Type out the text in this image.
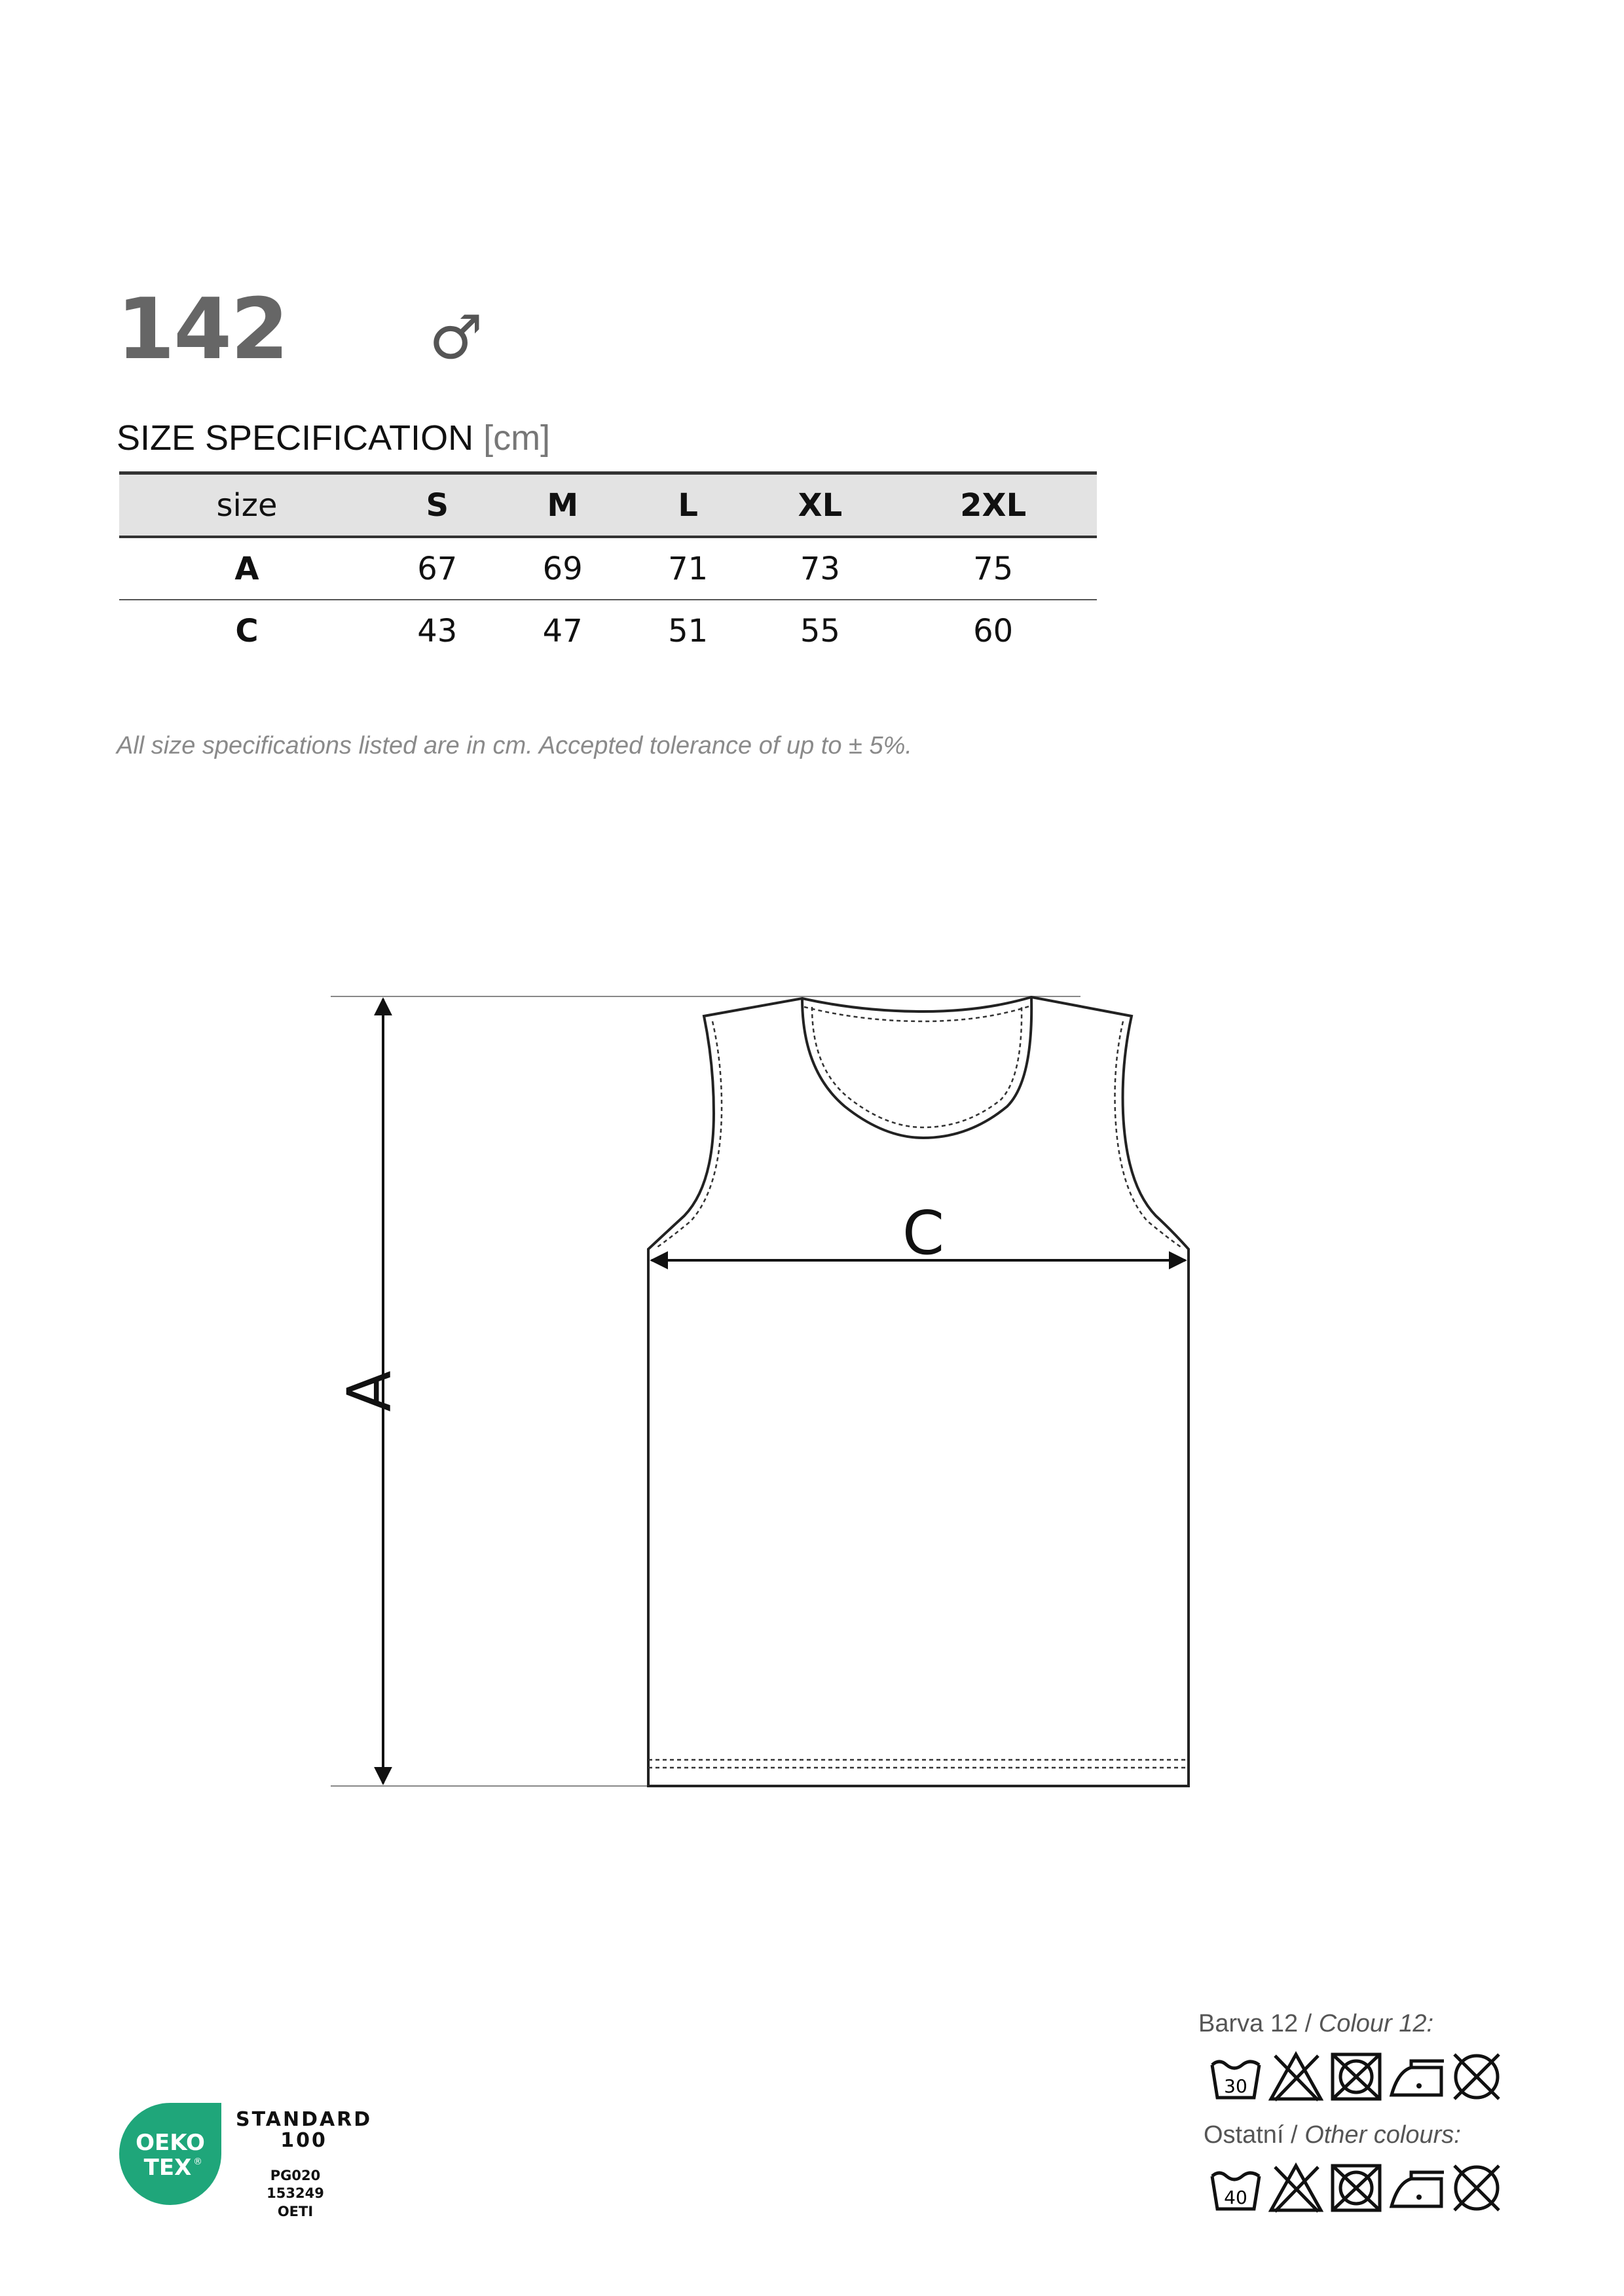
142 ♂
SIZE SPECIFICATION [cm]
size	S	M	L	XL	2XL
A	67	69	71	73	75
C	43	47	51	55	60
All size specifications listed are in cm. Accepted tolerance of up to ± 5%.
A
C
Barva 12 / Colour 12:
30
Ostatní / Other colours:
40
OEKO
TEX ®
STANDARD
100
PG020 153249
OETI
